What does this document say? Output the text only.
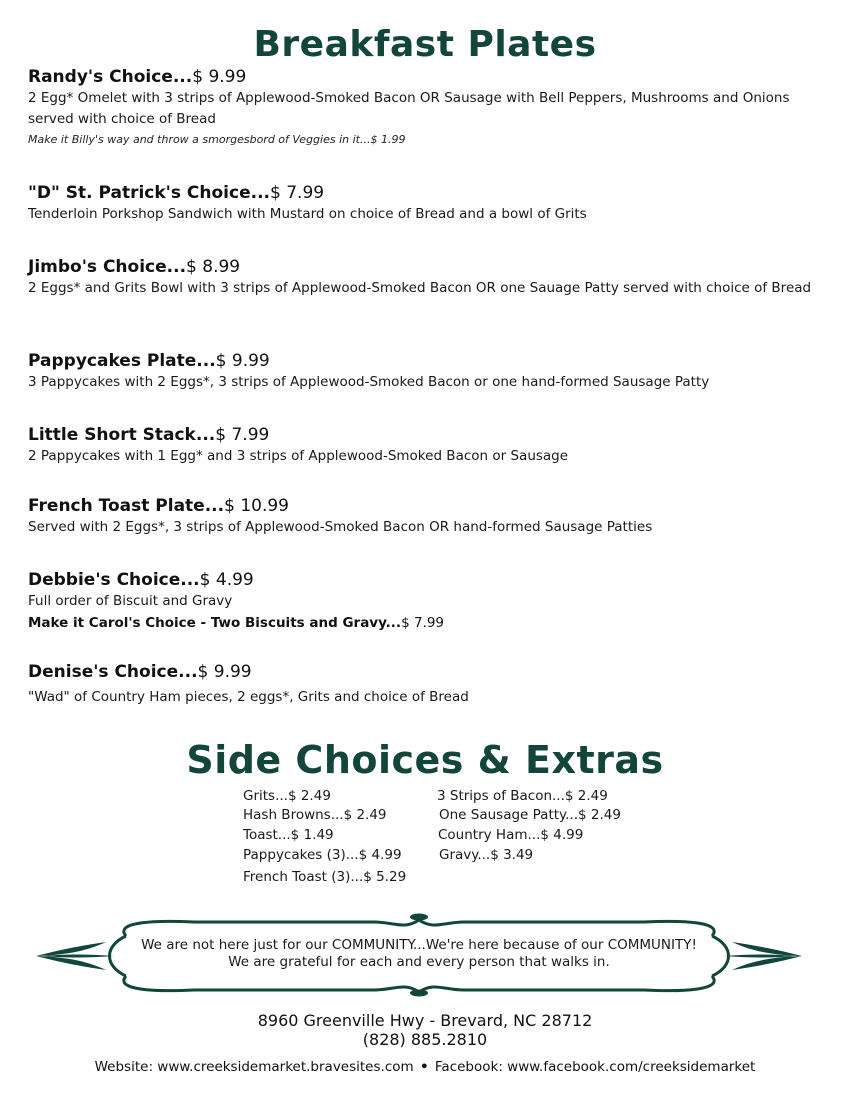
Breakfast Plates
Randy's Choice...$ 9.99
2 Egg* Omelet with 3 strips of Applewood-Smoked Bacon OR Sausage with Bell Peppers, Mushrooms and Onions served with choice of Bread
Make it Billy's way and throw a smorgesbord of Veggies in it...$ 1.99
"D" St. Patrick's Choice...$ 7.99
Tenderloin Porkshop Sandwich with Mustard on choice of Bread and a bowl of Grits
Jimbo's Choice...$ 8.99
2 Eggs* and Grits Bowl with 3 strips of Applewood-Smoked Bacon OR one Sauage Patty served with choice of Bread
Pappycakes Plate...$ 9.99
3 Pappycakes with 2 Eggs*, 3 strips of Applewood-Smoked Bacon or one hand-formed Sausage Patty
Little Short Stack...$ 7.99
2 Pappycakes with 1 Egg* and 3 strips of Applewood-Smoked Bacon or Sausage
French Toast Plate...$ 10.99
Served with 2 Eggs*, 3 strips of Applewood-Smoked Bacon OR hand-formed Sausage Patties
Debbie's Choice...$ 4.99
Full order of Biscuit and Gravy
Make it Carol's Choice - Two Biscuits and Gravy...$ 7.99
Denise's Choice...$ 9.99
"Wad" of Country Ham pieces, 2 eggs*, Grits and choice of Bread
Side Choices & Extras
Grits...$ 2.49	3 Strips of Bacon...$ 2.49
Hash Browns...$ 2.49	One Sausage Patty...$ 2.49
Toast...$ 1.49	Country Ham...$ 4.99
Pappycakes (3)...$ 4.99	Gravy...$ 3.49
French Toast (3)...$ 5.29
We are not here just for our COMMUNITY...We're here because of our COMMUNITY!
We are grateful for each and every person that walks in.
8960 Greenville Hwy - Brevard, NC 28712
(828) 885.2810
Website: www.creeksidemarket.bravesites.com • Facebook: www.facebook.com/creeksidemarket
